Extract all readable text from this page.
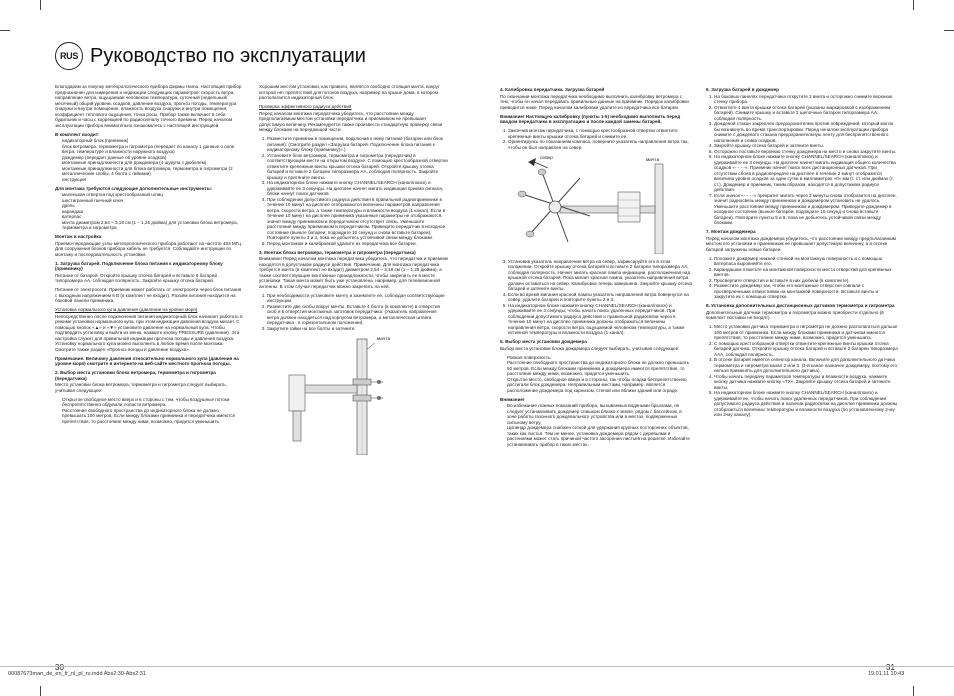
RUS Руководство по эксплуатации

Благодарим за покупку метеорологического прибора фирмы Hama. Настоящий прибор предназначен для измерения и индикации следующих параметров: скорость ветра, направление ветра, ощущаемая человеком температура, суточный (недельный/месячный) общий уровень осадков, давление воздуха, прогноз погоды, температура снаружи и внутри помещения, влажность воздуха снаружи и внутри помещения, коэффициент теплового ощущения, точка росы. Прибор также включает в себя будильник и часы с коррекцией по радиосигналу точного времени. Перед началом эксплуатации прибора внимательно ознакомьтесь с настоящей инструкцией.

В комплект входит:
• индикаторный блок (приемник)
• блок ветромера, термометра и гигрометра (передает по каналу 1 данные о силе ветра, температуре и влажности наружного воздуха)
• дождемер (передает данные об уровне осадков)
• монтажные принадлежности для дождемера (4 шурупа с дюбелем)
• монтажные принадлежности для блока ветромера, термометра и гигрометра (2 металлические скобы, 4 болта с гайками)
• инструкция
Для монтажа требуются следующие дополнительные инструменты:
• маленькая отвертка под крестообразный шлиц
• шестигранный гаечный ключ
• дрель
• карандаш
• ватерпас
• мачта диаметром 2,54 – 3,18 см (1 – 1,25 дюйма) для установки блока ветромера, термометра и гигрометра
Монтаж и настройка

Приемо-передающие узлы метеорологического прибора работают на частоте 433 МГц. Для сооружения блоков прибора кабель не требуется. Соблюдайте инструкции по монтажу и последовательность установки.

1. Загрузка батарей. Подключение блока питания к индикаторному блоку (приемнику)

Питание от батарей. Откройте крышку отсека батарей и вставьте 6 батарей типоразмера АА, соблюдая полярность. Закройте крышку отсека батарей.

Питание от электросети. Приемник может работать от электросети через блок питания с выходным напряжением 6 В (в комплект не входит). Разъем питания находится на боковой панели приемника.

Установка нормального купа давления (давление на уровне моря)

Непосредственно после подключения питания индикаторный блок начинает работать в режиме установки нормального купа, при этом индикация давления воздуха мигает. С помощью кнопок «▲» и «▼» установите давление на нормальный купа. Чтобы подтвердить установку и выйти из меню, нажмите кнопку PRESSURE (давление). Эта настройка служит для правильной индикации прогноза погоды и давления воздуха. Установку нормального купа можно выполнить в любое время после монтажа. Смотрите также раздел «Прогноз погоды и давление воздуха».

Примечание. Величину давления относительно нормального купа (давления на уровне моря) смотрите в интернете на веб-сайте местного прогноза погоды.

2. Выбор места установки блока ветромера, термометра и гигрометра (передатчика)

Место установки блока ветромера, термометра и гигрометра следует выбирать, учитывая следующее:

• Открытое свободное место вверх и в стороны с тем, чтобы воздушные потоки беспрепятственно обдували лопасти ветромера.
• Расстояние свободного пространства до индикаторного блока не должно превышать 100 метров. Если между блоками приемника и передатчика имеются препятствия, то расстояние между ними, возможно, придется уменьшить.

Хорошим местом установки, как правило, является свободно стоящая мачта, вокруг которой нет препятствий для потоков воздуха, например на крыше дома, в котором располагается индикаторный блок.

Проверка эффективного радиуса действия

Перед началом монтажа передатчика убедитесь, что расстояние между предполагаемым местом установки передатчика и приемником не превышает допустимую величину. Рекомендуется также произвести стандартную проверку связи между блоками на передающей части.

1. Разместите приемник в помещении, подключив к нему питание (батареи или блок питания). (Смотрите раздел «Загрузка батарей. Подключение блока питания к индикаторному блоку (приемнику)».)
2. Установите блок ветромера, термометра и гигрометра (передатчик) в соответствующем месте на открытом воздухе. С помощью крестообразной отвертки отвинтите крепежные винты крышки отсека батарей. Откройте крышку отсека батарей и вставьте 2 батареи типоразмера АА, соблюдая полярность. Закройте крышку и притяните винты.
3. На индикаторном блоке нажмите кнопку CHANNEL/SEARCH (канал/поиск) и удерживайте ее 3 секунды. На дисплее начнет мигать индикация приема сигнала, блоки начнут поиск датчиков.
4. При соблюдении допустимого радиуса действия в правильной радиоприемнике в течение 10 минут на дисплее отображаются величины параметров направления ветра, скорости ветра, а также температуры и влажности воздуха (1 канал). Если в течение 10 минут на дисплее приемника указанные параметры не отображаются, значит между приемником и передатчиком отсутствует связь. Уменьшите расстояние между приемником и передатчиком. Приведите передатчик в исходное состояние (выньте батареи; подождите 10 секунд и снова вставьте батареи). Повторите пункты 3 и 4, пока не добьетесь устойчивой связи между блоками.
5. Перед монтажом и калибровкой удалите из передатчика все батареи.
3. Монтаж блока ветромера, термометра и гигрометра (передатчика)

Внимание! Перед началом монтажа передатчика убедитесь, что передатчик и приемник находятся в допустимом радиусе действия. Примечание. Для монтажа передатчика требуется мачта (в комплект не входит) диаметром 2,54 – 3,18 см (1 – 1,25 дюйма), а также соответствующие монтажные принадлежности, чтобы закрепить ее в месте установки. Такая мачта может быть уже установлена, например, для телевизионной антенны. В этом случае передатчик можно закрепить на ней.

1. При необходимости установите мачту и заземлите ее, соблюдая соответствующие инструкции.
2. Разместите две скобы вокруг мачты. Вставьте 4 болта (в комплекте) в отверстия скоб и в отверстия монтажных заготовок передатчика. (Указатель направления ветра должен находиться над корпусом ветромера, а металлическая штанга передатчика - в горизонтальном положении).
3. Закрутите гайки на все болты и затяните.
мачта
4. Калибровка передатчика. Загрузка батарей

По окончании монтажа передатчика необходимо выполнить калибровку ветромера с тем, чтобы он начал передавать правильные данные на приемник. Порядок калибровки приводится ниже. Перед началом калибровки удалите из передатчика все батареи.

Внимание! Настоящую калибровку (пункты 1-5) необходимо выполнить перед вводом передатчика в эксплуатацию и после каждой замены батарей.

1. Закончив монтаж передатчика, с помощью крестообразной отвертки отвинтите крепежные винты крышки отсека батарей и снимите ее.
2. Ориентируясь по показаниям компаса, поверните указатель направления ветра так, чтобы он был направлен на север.
север	мачта
3. Установив указатель направления ветра на север, зафиксируйте его в этом положении. Откройте крышку отсека батарей и вставьте 2 батареи типоразмера АА, соблюдая полярность. Начнет мигать красная лампа индикации, расположенная над крышкой отсека батарей. Пока мигает красная лампа, указатель направления ветра должен оставаться на север. Калибровка теперь завершена. Закройте крышку отсека батарей и затяните винты.
4. Если во время мигания красной лампы указатель направления ветра повернулся на север, удалите батареи и повторите пункты 2 и 3.
5. На индикаторном блоке нажмите кнопку CHANNEL/SEARCH (канал/поиск) и удерживайте ее 3 секунды, чтобы начать поиск удаленных передатчиков. При соблюдении допустимого радиуса действия и правильной радиосвязи через в течение 10 минут на дисплее приемника должны отобразиться величины направления ветра, скорости ветра, ощущаемой человеком температуры, а также истинной температуры и влажности воздуха (1 канал).
5. Выбор места установки дождемера

Выбор места установки блока дождемера следует выбирать, учитывая следующее:

• Ровная поверхность.
• Расстояние свободного пространства до индикаторного блока не должно превышать 50 метров. Если между блоками приемника и дождемера имеются препятствия, то расстояние между ними, возможно, придется уменьшить.
• Открытое место, свободное вверх и в стороны, так чтобы осадки беспрепятственно достигали блок дождемера. Неправильным местами, например, является расположение дождемера под карнизом, стеной или вблизи зданий или ограде.
Внимание!
• Во избежание ложных показаний прибора, вызываемых водяными брызгами, не следует устанавливать дождемер слишком близко к земле, рядом с бассейном, в зоне работы газонного дождевального устройства или в местах, подверженных сильному ветру.
• Цилиндр дождемера снабжен сеткой для удержания крупных посторонних объектов, таких как листья. Тем не менее, установка дождемера рядом с деревьями и растениями может стать причиной частого засорения листьев на решетке. Избегайте устанавливать прибор в таких местах.
6. Загрузка батарей в дождемер
1. На боковых панелях передатчика открутите 2 винта и осторожно снимите верхнюю стенку прибора.
2. Отвинтите 4 винта крышки отсека батарей (указаны маркировкой с изображением батарей). Снимите крышку и вставьте 2 щелочные батареи типоразмера АА, соблюдая полярность.
3. Дождевой стакан закреплен предохранителем против повреждений, который могли бы возникнуть во время транспортировки. Перед началом эксплуатации прибора снимите с дождевого стакана предохранительную ленту для беспрепятственного наполнения и слива осадков.
4. Закройте крышку отсека батарей и затяните винты.
5. Осторожно поставьте верхнюю стенку дождемера на место и снова закрутите винты.
6. На индикаторном блоке нажмите кнопку CHANNEL/SEARCH (канал/поиск) и удерживайте ее 3 секунды. На дисплее начнет мигать индикация общего количества осадков «- - - -». Приемник начнет поиск всех дистанционных датчиков. При отсутствии сбоев в радиопередаче на дисплее в течение 2 минут отобразится величина уровня осадков за одни сутки в миллиметрах «0» мм (т. ст. или дюймах (т. ст.). Дождемер и приемник, таким образом, находятся в допустимом радиусе действия.
7. Если значок «- - - -» прекратит мигать через 2 минуты снова отобразится на дисплее, значит радиосвязь между приемником и дождемером установить не удалось. Уменьшите расстояние между приемником и дождемером. Приведите дождемер в исходное состояние (выньте батареи, подождите 10 секунд и снова вставьте батареи). Повторите пункты 5 и 6, пока не добьетесь устойчивой связи между блоками.
7. Монтаж дождемера

Перед началом монтажа дождемера убедитесь, что расстояние между предполагаемым местом его установки и приемником не превышает допустимую величину, а в отсеке батарей загружены новые батареи.

1. Положите дождемер нижней стенкой на монтажную поверхность и с помощью ватерпаса выровняйте его.
2. Карандашом отметьте на монтажной поверхности места отверстий для крепежных винтов.
3. Просверлите отверстия и вставьте в них дюбели (в комплекте).
4. Разместите дождемер так, чтобы его монтажные отверстия совпали с просверленными отверстиями на монтажной поверхности. Вставьте винты и закрутите их с помощью отвертки.
8. Установка дополнительных дистанционных датчиков термометра и гигрометра

Дополнительные датчики термометра и гигрометра можно приобрести отдельно (в комплект поставки не входят).

1. Место установки датчика термометра и гигрометра не должно располагаться дальше 100 метров от приемника. Если между блоками приемника и датчиком имеются препятствия, то расстояние между ними, возможно, придется уменьшить.
2. С помощью крестообразной отвертки отвинтите крепежные винты крышки отсека батарей датчика. Откройте крышку отсека батарей и вставьте 2 батареи типоразмера ААА, соблюдая полярность.
3. В отсеке батарей имеется селектор канала. Включите для дополнительного датчика термометра и гигрометра канал 2 или 3. (1-й канал назначен дождемеру, поэтому его нельзя применять для дополнительного датчика).
4. Чтобы начать передачу параметров температуры и влажности воздуха, нажмите кнопку датчика нажмите кнопку «TX». Закройте крышку отсека батарей и затяните винты.
5. На индикаторном блоке нажмите кнопку CHANNEL/SEARCH (канал/поиск) и удерживайте ее, чтобы начать поиск удаленных передатчиков. При соблюдении допустимого радиуса действия и наличии радиосвязи на дисплее приемника должны отобразиться величины температуры и влажности воздуха (по установленному 2-му или 3-му каналу).
30	31
00087673man_de_en_fr_nl_pl_ru.indd Abs2:30-Abs2:31	19.01.11 10:43
